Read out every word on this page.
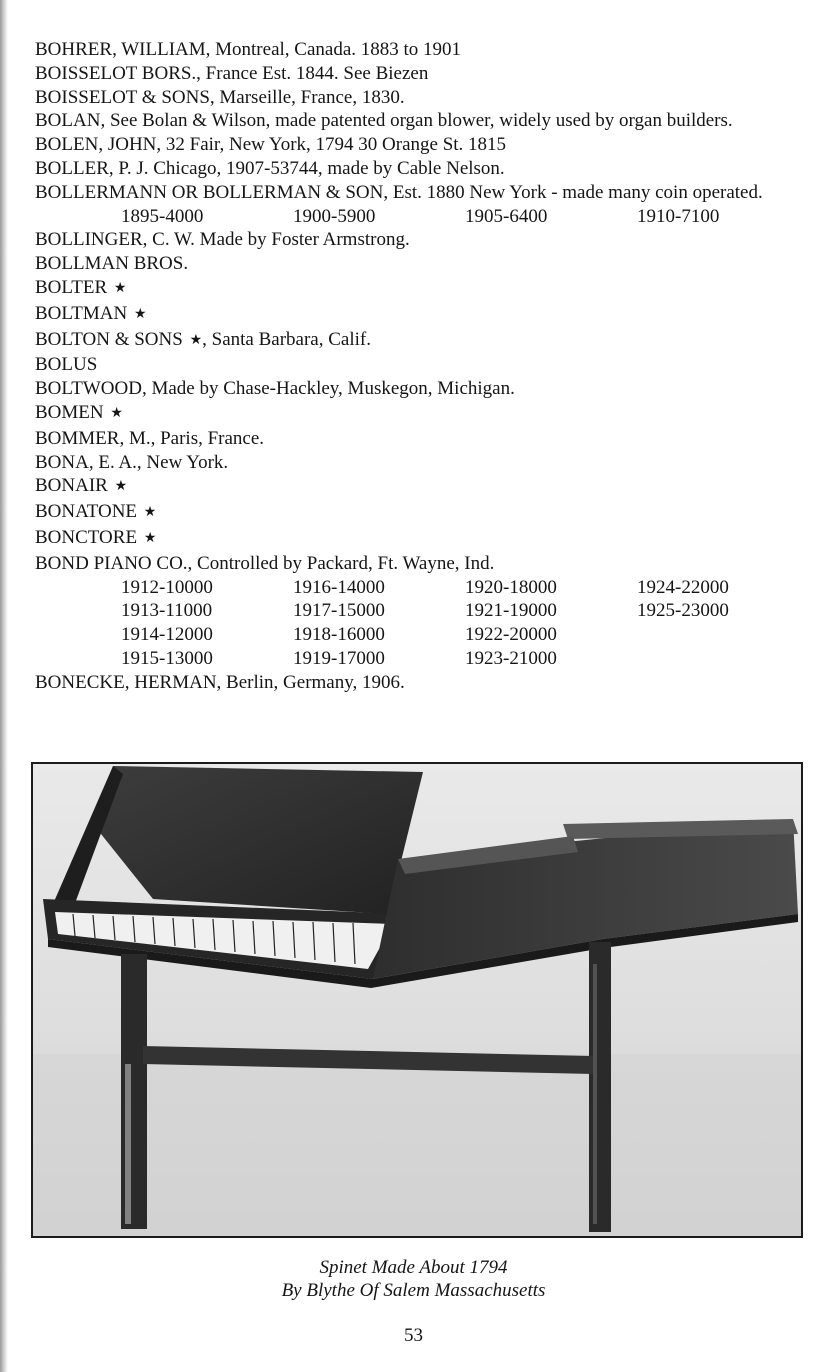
BOHRER, WILLIAM, Montreal, Canada. 1883 to 1901
BOISSELOT BORS., France Est. 1844. See Biezen
BOISSELOT & SONS, Marseille, France, 1830.
BOLAN, See Bolan & Wilson, made patented organ blower, widely used by organ builders.
BOLEN, JOHN, 32 Fair, New York, 1794 30 Orange St. 1815
BOLLER, P. J. Chicago, 1907-53744, made by Cable Nelson.
BOLLERMANN OR BOLLERMAN & SON, Est. 1880 New York - made many coin operated.
1895-4000	1900-5900	1905-6400	1910-7100
BOLLINGER, C. W. Made by Foster Armstrong.
BOLLMAN BROS.
BOLTER ★
BOLTMAN ★
BOLTON & SONS ★, Santa Barbara, Calif.
BOLUS
BOLTWOOD, Made by Chase-Hackley, Muskegon, Michigan.
BOMEN ★
BOMMER, M., Paris, France.
BONA, E. A., New York.
BONAIR ★
BONATONE ★
BONCTORE ★
BOND PIANO CO., Controlled by Packard, Ft. Wayne, Ind.
1912-10000	1916-14000	1920-18000	1924-22000
1913-11000	1917-15000	1921-19000	1925-23000
1914-12000	1918-16000	1922-20000
1915-13000	1919-17000	1923-21000
BONECKE, HERMAN, Berlin, Germany, 1906.
Spinet Made About 1794
By Blythe Of Salem Massachusetts
53
